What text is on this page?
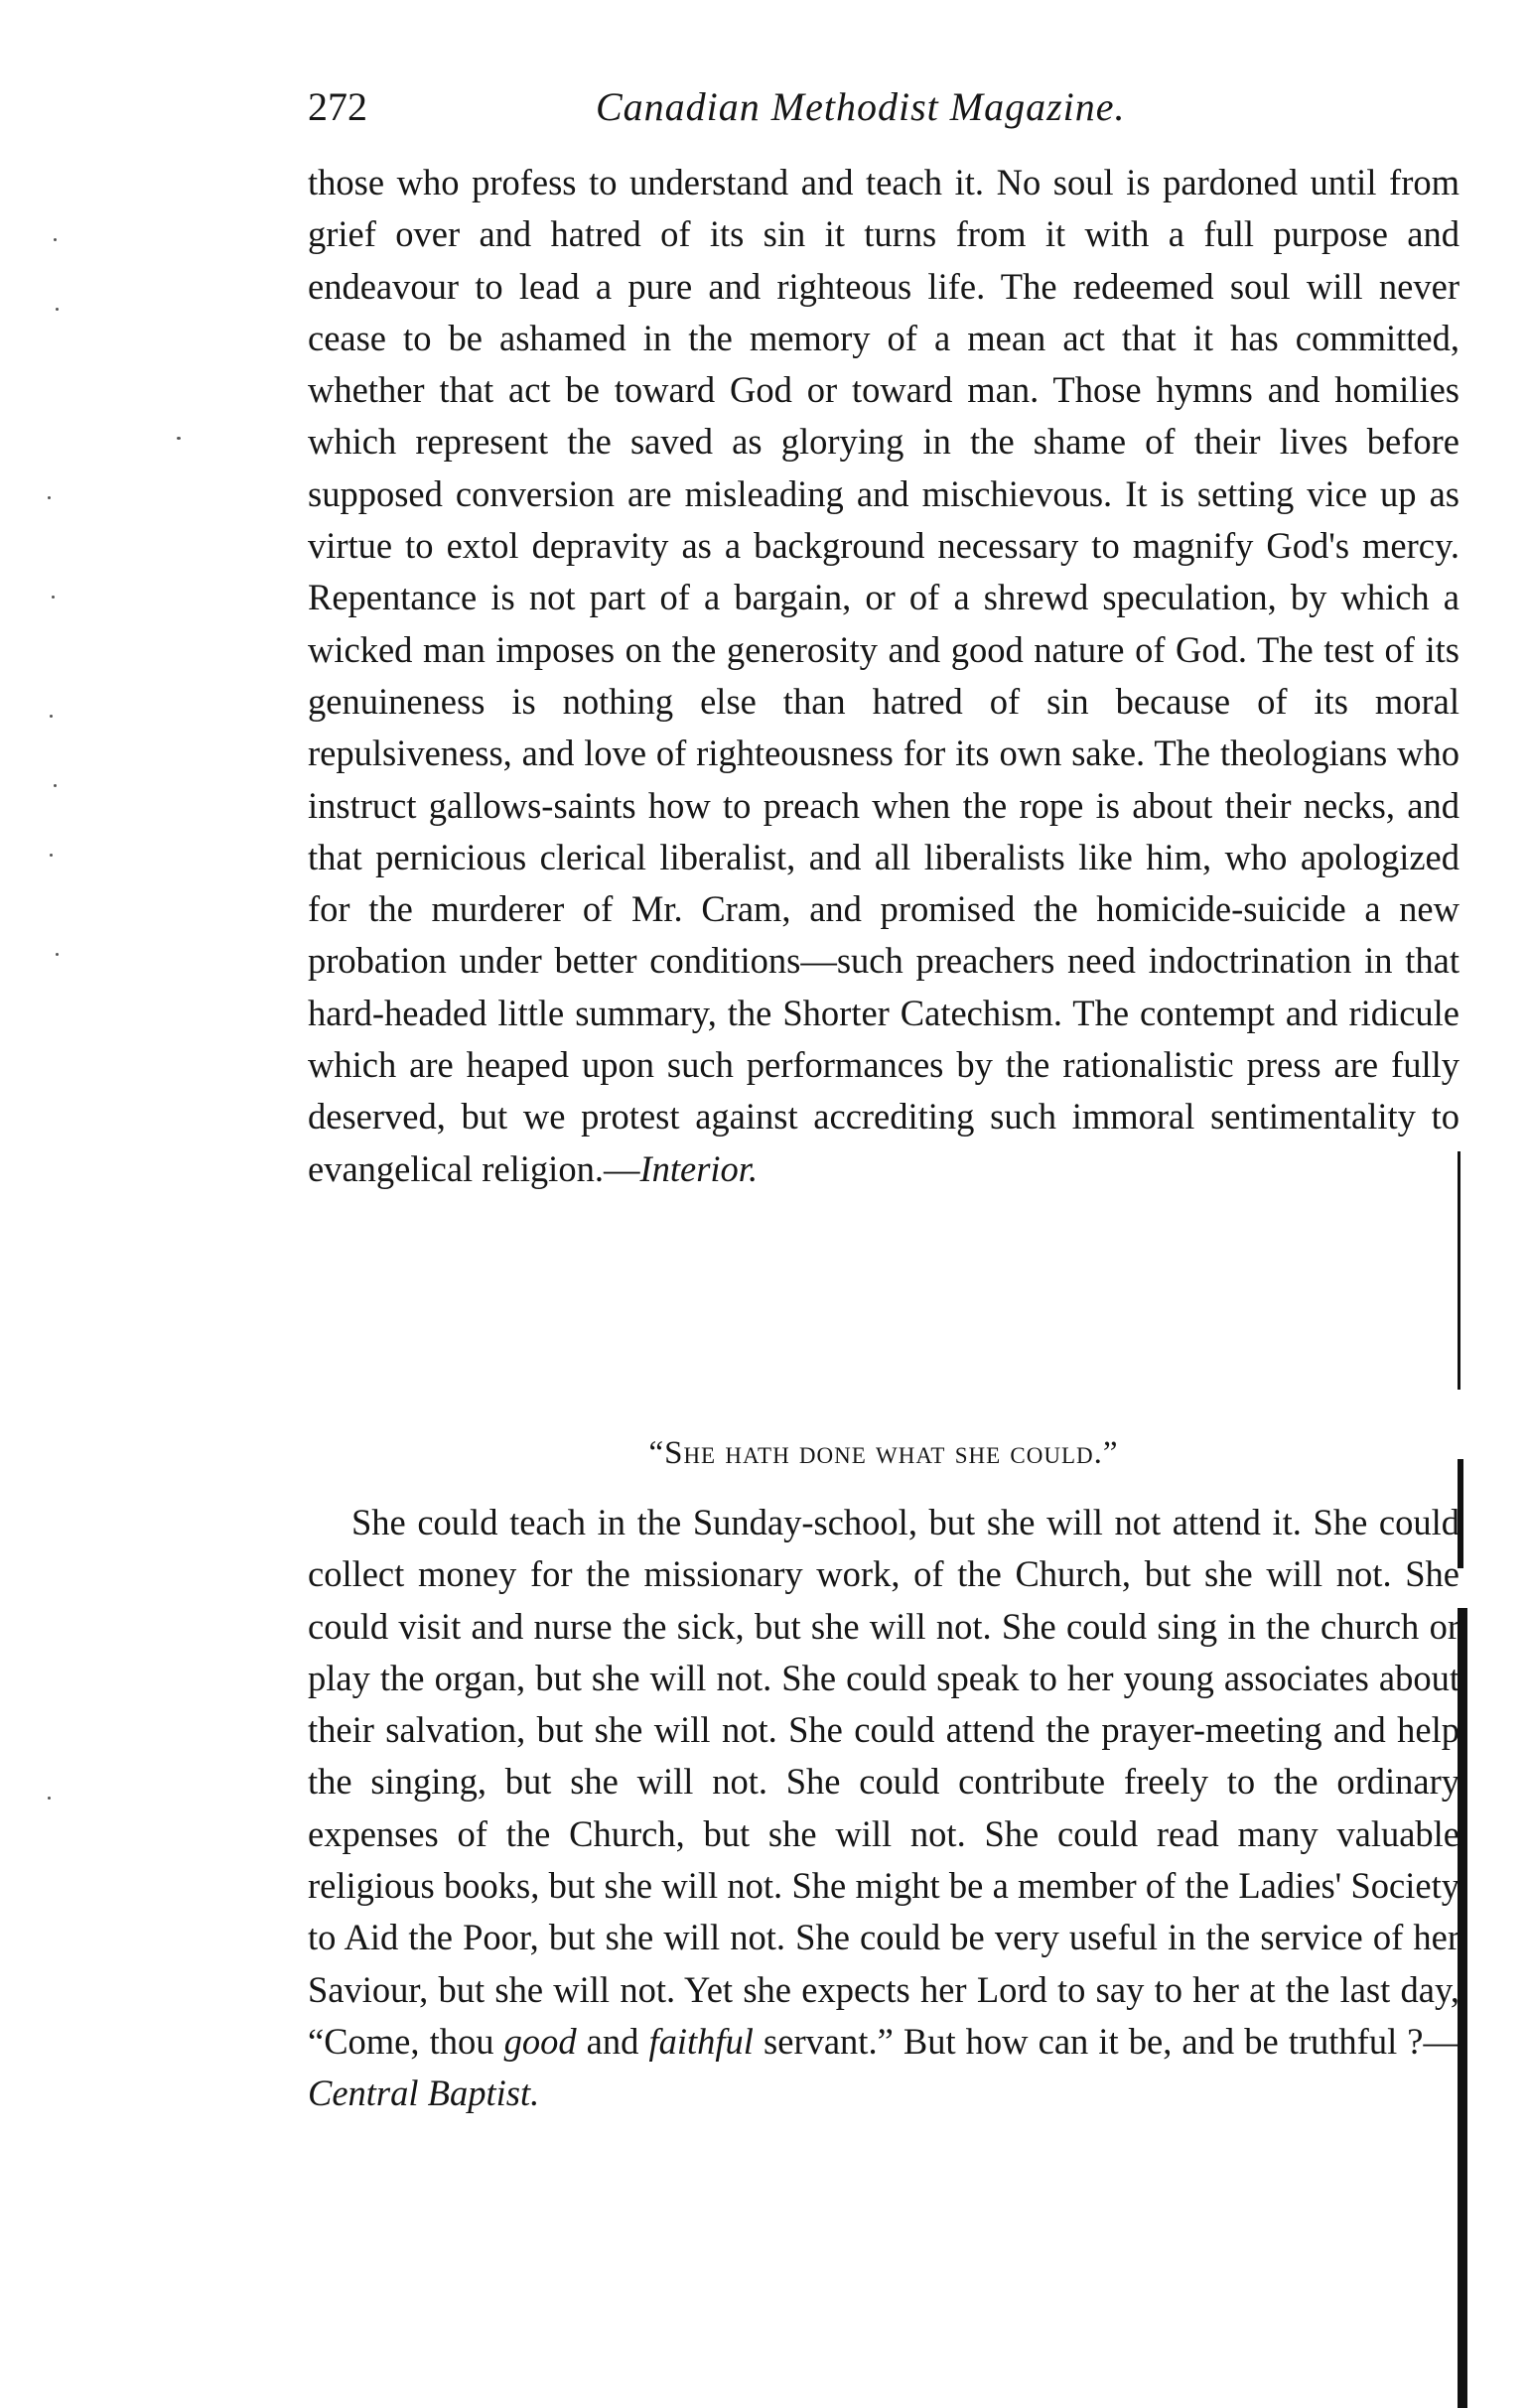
272	Canadian Methodist Magazine.

those who profess to understand and teach it. No soul is pardoned until from grief over and hatred of its sin it turns from it with a full purpose and endeavour to lead a pure and righteous life. The redeemed soul will never cease to be ashamed in the memory of a mean act that it has committed, whether that act be toward God or toward man. Those hymns and homilies which represent the saved as glorying in the shame of their lives before supposed conversion are misleading and mischievous. It is setting vice up as virtue to extol depravity as a background necessary to magnify God's mercy. Repentance is not part of a bargain, or of a shrewd speculation, by which a wicked man imposes on the generosity and good nature of God. The test of its genuineness is nothing else than hatred of sin because of its moral repulsiveness, and love of righteousness for its own sake. The theologians who instruct gallows-saints how to preach when the rope is about their necks, and that pernicious clerical liberalist, and all liberalists like him, who apologized for the murderer of Mr. Cram, and promised the homicide-suicide a new probation under better conditions—such preachers need indoctrination in that hard-headed little summary, the Shorter Catechism. The contempt and ridicule which are heaped upon such performances by the rationalistic press are fully deserved, but we protest against accrediting such immoral sentimentality to evangelical religion.—Interior.

“She hath done what she could.”

She could teach in the Sunday-school, but she will not attend it. She could collect money for the missionary work, of the Church, but she will not. She could visit and nurse the sick, but she will not. She could sing in the church or play the organ, but she will not. She could speak to her young associates about their salvation, but she will not. She could attend the prayer-meeting and help the singing, but she will not. She could contribute freely to the ordinary expenses of the Church, but she will not. She could read many valuable religious books, but she will not. She might be a member of the Ladies' Society to Aid the Poor, but she will not. She could be very useful in the service of her Saviour, but she will not. Yet she expects her Lord to say to her at the last day, “Come, thou good and faithful servant.” But how can it be, and be truthful ?—Central Baptist.
